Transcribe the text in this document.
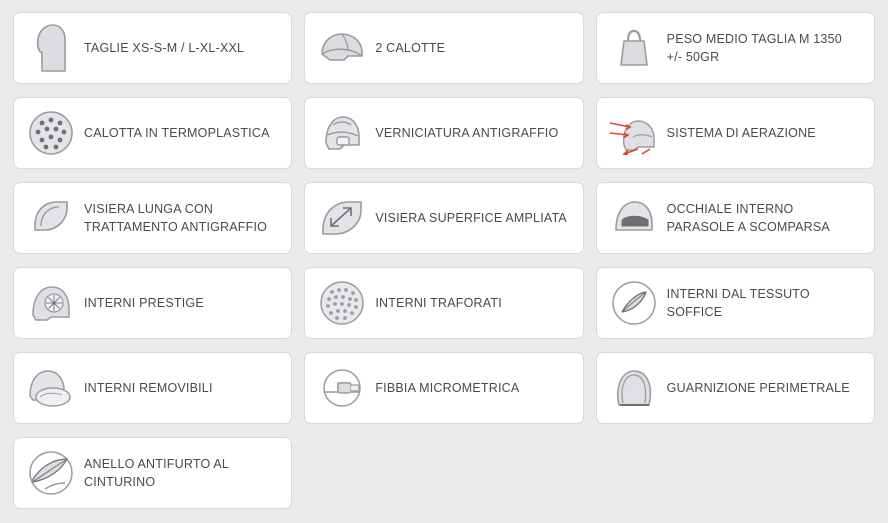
TAGLIE XS-S-M / L-XL-XXL	2 CALOTTE
PESO MEDIO TAGLIA M 1350 +/- 50GR
CALOTTA IN TERMOPLASTICA	VERNICIATURA ANTIGRAFFIO	SISTEMA DI AERAZIONE
VISIERA LUNGA CON TRATTAMENTO ANTIGRAFFIO
VISIERA SUPERFICE AMPLIATA
OCCHIALE INTERNO PARASOLE A SCOMPARSA
INTERNI PRESTIGE	INTERNI TRAFORATI
INTERNI DAL TESSUTO SOFFICE
INTERNI REMOVIBILI	FIBBIA MICROMETRICA	GUARNIZIONE PERIMETRALE
ANELLO ANTIFURTO AL CINTURINO
